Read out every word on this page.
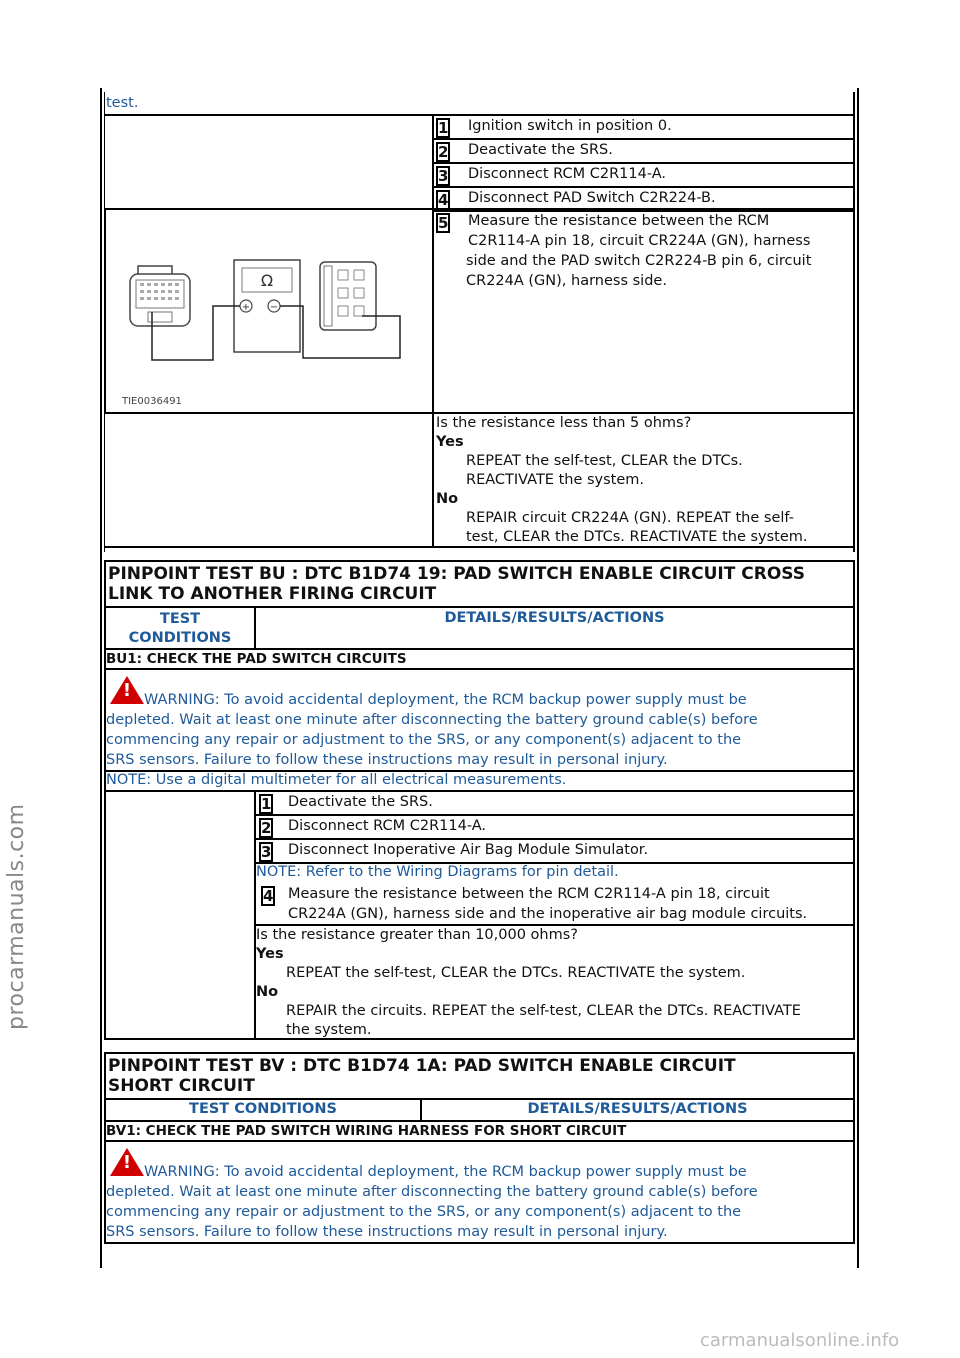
test.
1 Ignition switch in position 0.
2 Deactivate the SRS.
3 Disconnect RCM C2R114-A.
4 Disconnect PAD Switch C2R224-B.
5 Measure the resistance between the RCM
C2R114-A pin 18, circuit CR224A (GN), harness
side and the PAD switch C2R224-B pin 6, circuit
CR224A (GN), harness side.
Ω
+ −
TIE0036491
Is the resistance less than 5 ohms?
Yes
REPEAT the self-test, CLEAR the DTCs.
REACTIVATE the system.
No
REPAIR circuit CR224A (GN). REPEAT the self-
test, CLEAR the DTCs. REACTIVATE the system.
PINPOINT TEST BU : DTC B1D74 19: PAD SWITCH ENABLE CIRCUIT CROSS
LINK TO ANOTHER FIRING CIRCUIT
TEST
CONDITIONS
DETAILS/RESULTS/ACTIONS
BU1: CHECK THE PAD SWITCH CIRCUITS
! WARNING: To avoid accidental deployment, the RCM backup power supply must be
depleted. Wait at least one minute after disconnecting the battery ground cable(s) before
commencing any repair or adjustment to the SRS, or any component(s) adjacent to the
SRS sensors. Failure to follow these instructions may result in personal injury.
NOTE: Use a digital multimeter for all electrical measurements.
1 Deactivate the SRS.
2 Disconnect RCM C2R114-A.
3 Disconnect Inoperative Air Bag Module Simulator.
NOTE: Refer to the Wiring Diagrams for pin detail.
4 Measure the resistance between the RCM C2R114-A pin 18, circuit
CR224A (GN), harness side and the inoperative air bag module circuits.
Is the resistance greater than 10,000 ohms?
Yes
REPEAT the self-test, CLEAR the DTCs. REACTIVATE the system.
No
REPAIR the circuits. REPEAT the self-test, CLEAR the DTCs. REACTIVATE
the system.
PINPOINT TEST BV : DTC B1D74 1A: PAD SWITCH ENABLE CIRCUIT
SHORT CIRCUIT
TEST CONDITIONS	DETAILS/RESULTS/ACTIONS
BV1: CHECK THE PAD SWITCH WIRING HARNESS FOR SHORT CIRCUIT
! WARNING: To avoid accidental deployment, the RCM backup power supply must be
depleted. Wait at least one minute after disconnecting the battery ground cable(s) before
commencing any repair or adjustment to the SRS, or any component(s) adjacent to the
SRS sensors. Failure to follow these instructions may result in personal injury.
procarmanuals.com
carmanualsonline.info
